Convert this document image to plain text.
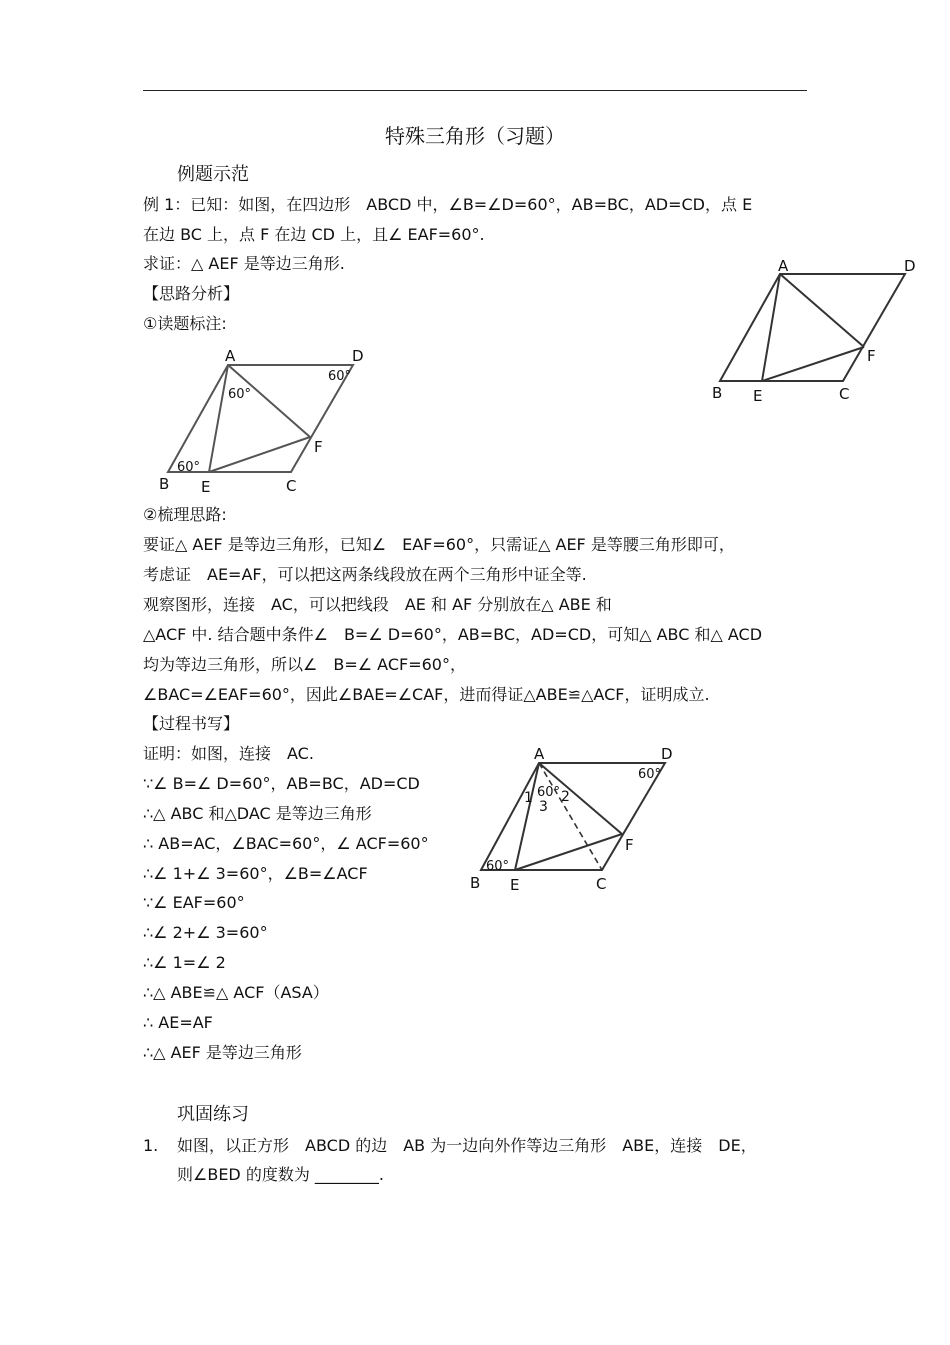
特殊三角形（习题）
例题示范
例 1：已知：如图，在四边形　ABCD 中，∠B=∠D=60°，AB=BC，AD=CD，点 E
在边 BC 上，点 F 在边 CD 上，且∠ EAF=60°.
求证：△ AEF 是等边三角形.
【思路分析】
①读题标注:
A	D
F
B E	C
A	D
60°
60°
F
60°
B E	C
②梳理思路:
要证△ AEF 是等边三角形，已知∠　EAF=60°，只需证△ AEF 是等腰三角形即可，
考虑证　AE=AF，可以把这两条线段放在两个三角形中证全等.
观察图形，连接　AC，可以把线段　AE 和 AF 分别放在△ ABE 和
△ACF 中. 结合题中条件∠　B=∠ D=60°，AB=BC，AD=CD，可知△ ABC 和△ ACD
均为等边三角形，所以∠　B=∠ ACF=60°，
∠BAC=∠EAF=60°，因此∠BAE=∠CAF，进而得证△ABE≌△ACF，证明成立.
【过程书写】
证明：如图，连接　AC.
∵∠ B=∠ D=60°，AB=BC，AD=CD
∴△ ABC 和△DAC 是等边三角形
∴ AB=AC，∠BAC=60°，∠ ACF=60°
∴∠ 1+∠ 3=60°，∠B=∠ACF
∵∠ EAF=60°
∴∠ 2+∠ 3=60°
∴∠ 1=∠ 2
∴△ ABE≌△ ACF（ASA）
∴ AE=AF
∴△ AEF 是等边三角形
A	D
60°
1 60° 2
3
F
60°
B E	C
巩固练习
1. 如图，以正方形　ABCD 的边　AB 为一边向外作等边三角形　ABE，连接　DE，
则∠BED 的度数为 ________.
